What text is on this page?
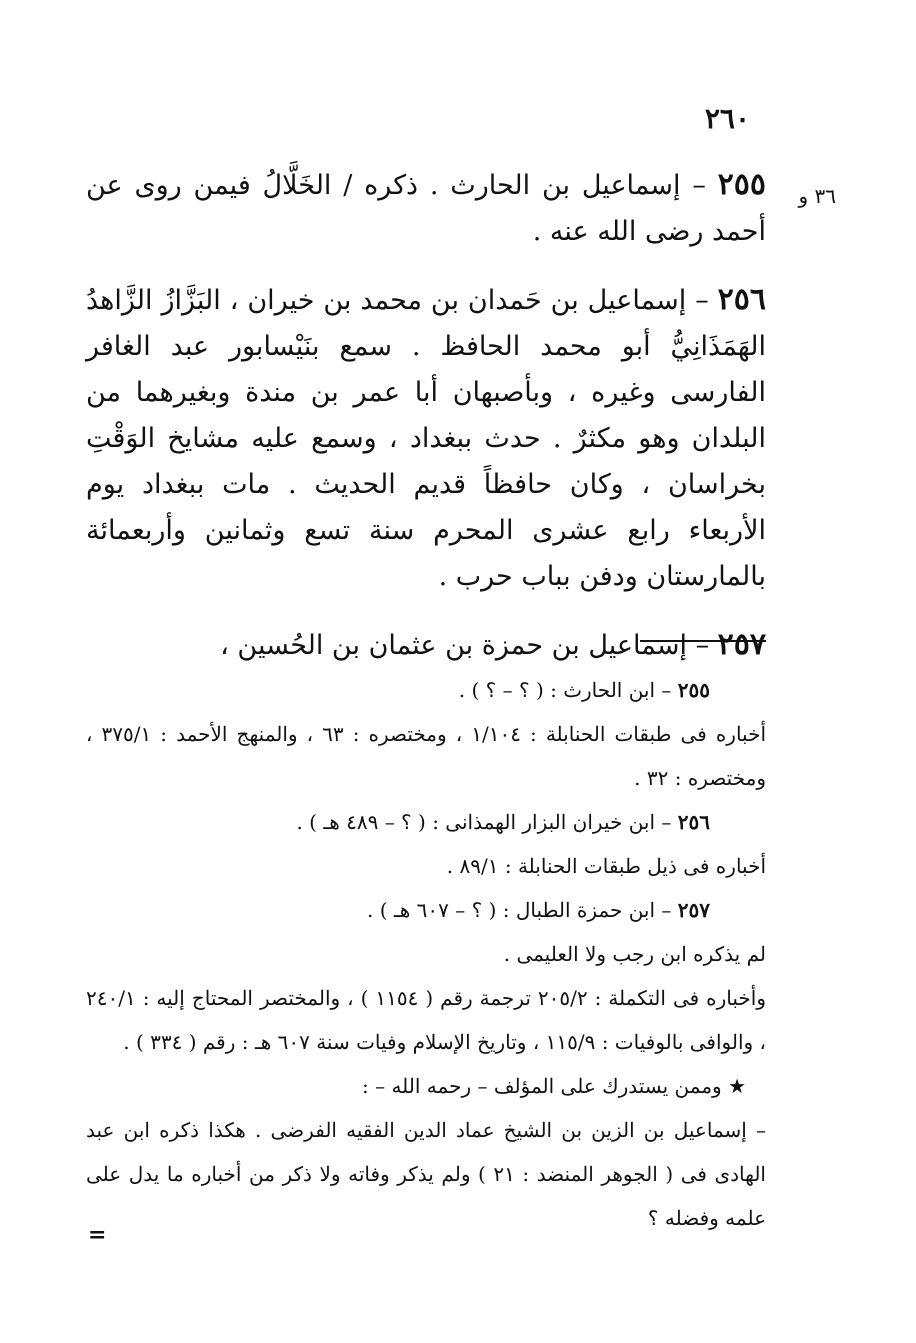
٢٦٠
٣٦ و

٢٥٥ – إسماعيل بن الحارث . ذكره / الخَلَّالُ فيمن روى عن أحمد رضى الله عنه .

٢٥٦ – إسماعيل بن حَمدان بن محمد بن خيران ، البَزَّازُ الزَّاهدُ الهَمَذَانِيُّ أبو محمد الحافظ . سمع بنَيْسابور عبد الغافر الفارسى وغيره ، وبأصبهان أبا عمر بن مندة وبغيرهما من البلدان وهو مكثرٌ . حدث ببغداد ، وسمع عليه مشايخ الوَقْتِ بخراسان ، وكان حافظاً قديم الحديث . مات ببغداد يوم الأربعاء رابع عشرى المحرم سنة تسع وثمانين وأربعمائة بالمارستان ودفن بباب حرب .

٢٥٧ – إسماعيل بن حمزة بن عثمان بن الحُسين ،

٢٥٥ – ابن الحارث : ( ؟ – ؟ ) .

أخباره فى طبقات الحنابلة : ١/١٠٤ ، ومختصره : ٦٣ ، والمنهج الأحمد : ٣٧٥/١ ، ومختصره : ٣٢ .

٢٥٦ – ابن خيران البزار الهمذانى : ( ؟ – ٤٨٩ هـ ) .

أخباره فى ذيل طبقات الحنابلة : ٨٩/١ .

٢٥٧ – ابن حمزة الطبال : ( ؟ – ٦٠٧ هـ ) .

لم يذكره ابن رجب ولا العليمى .

وأخباره فى التكملة : ٢٠٥/٢ ترجمة رقم ( ١١٥٤ ) ، والمختصر المحتاج إليه : ٢٤٠/١ ، والوافى بالوفيات : ١١٥/٩ ، وتاريخ الإسلام وفيات سنة ٦٠٧ هـ : رقم ( ٣٣٤ ) .

★ وممن يستدرك على المؤلف – رحمه الله – :

– إسماعيل بن الزين بن الشيخ عماد الدين الفقيه الفرضى . هكذا ذكره ابن عبد الهادى فى ( الجوهر المنضد : ٢١ ) ولم يذكر وفاته ولا ذكر من أخباره ما يدل على علمه وفضله ؟

=
